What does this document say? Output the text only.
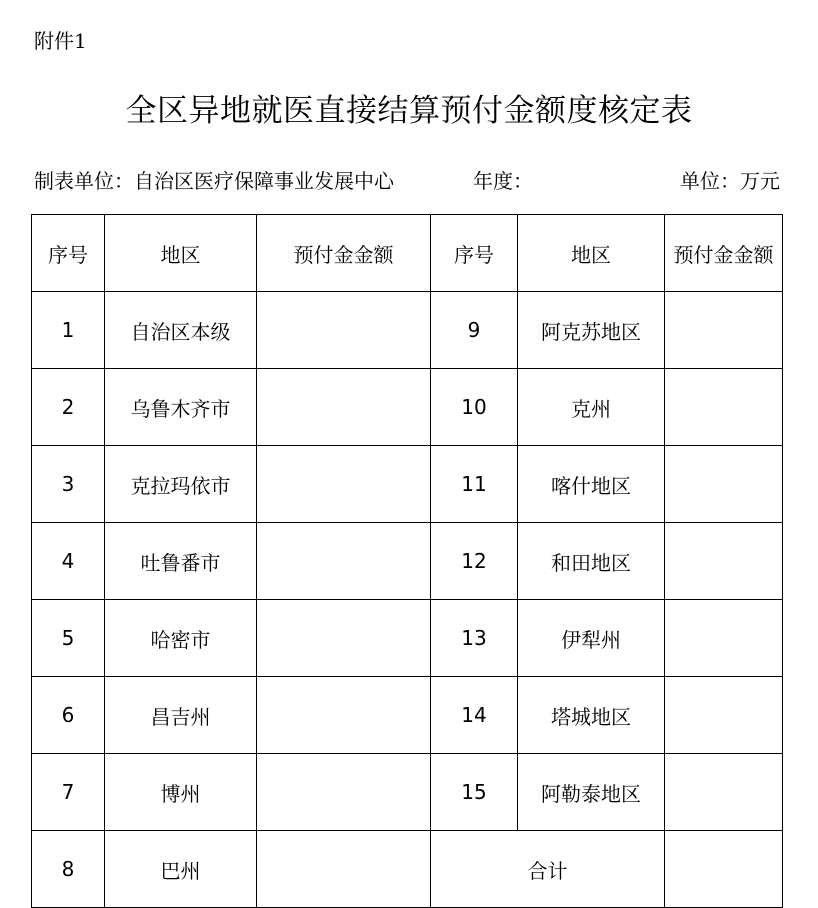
附件1
全区异地就医直接结算预付金额度核定表
制表单位：自治区医疗保障事业发展中心	年度：	单位：万元
序号	地区	预付金金额	序号	地区	预付金金额
1	自治区本级		9	阿克苏地区	
2	乌鲁木齐市		10	克州	
3	克拉玛依市		11	喀什地区	
4	吐鲁番市		12	和田地区	
5	哈密市		13	伊犁州	
6	昌吉州		14	塔城地区	
7	博州		15	阿勒泰地区	
8	巴州		合计		
